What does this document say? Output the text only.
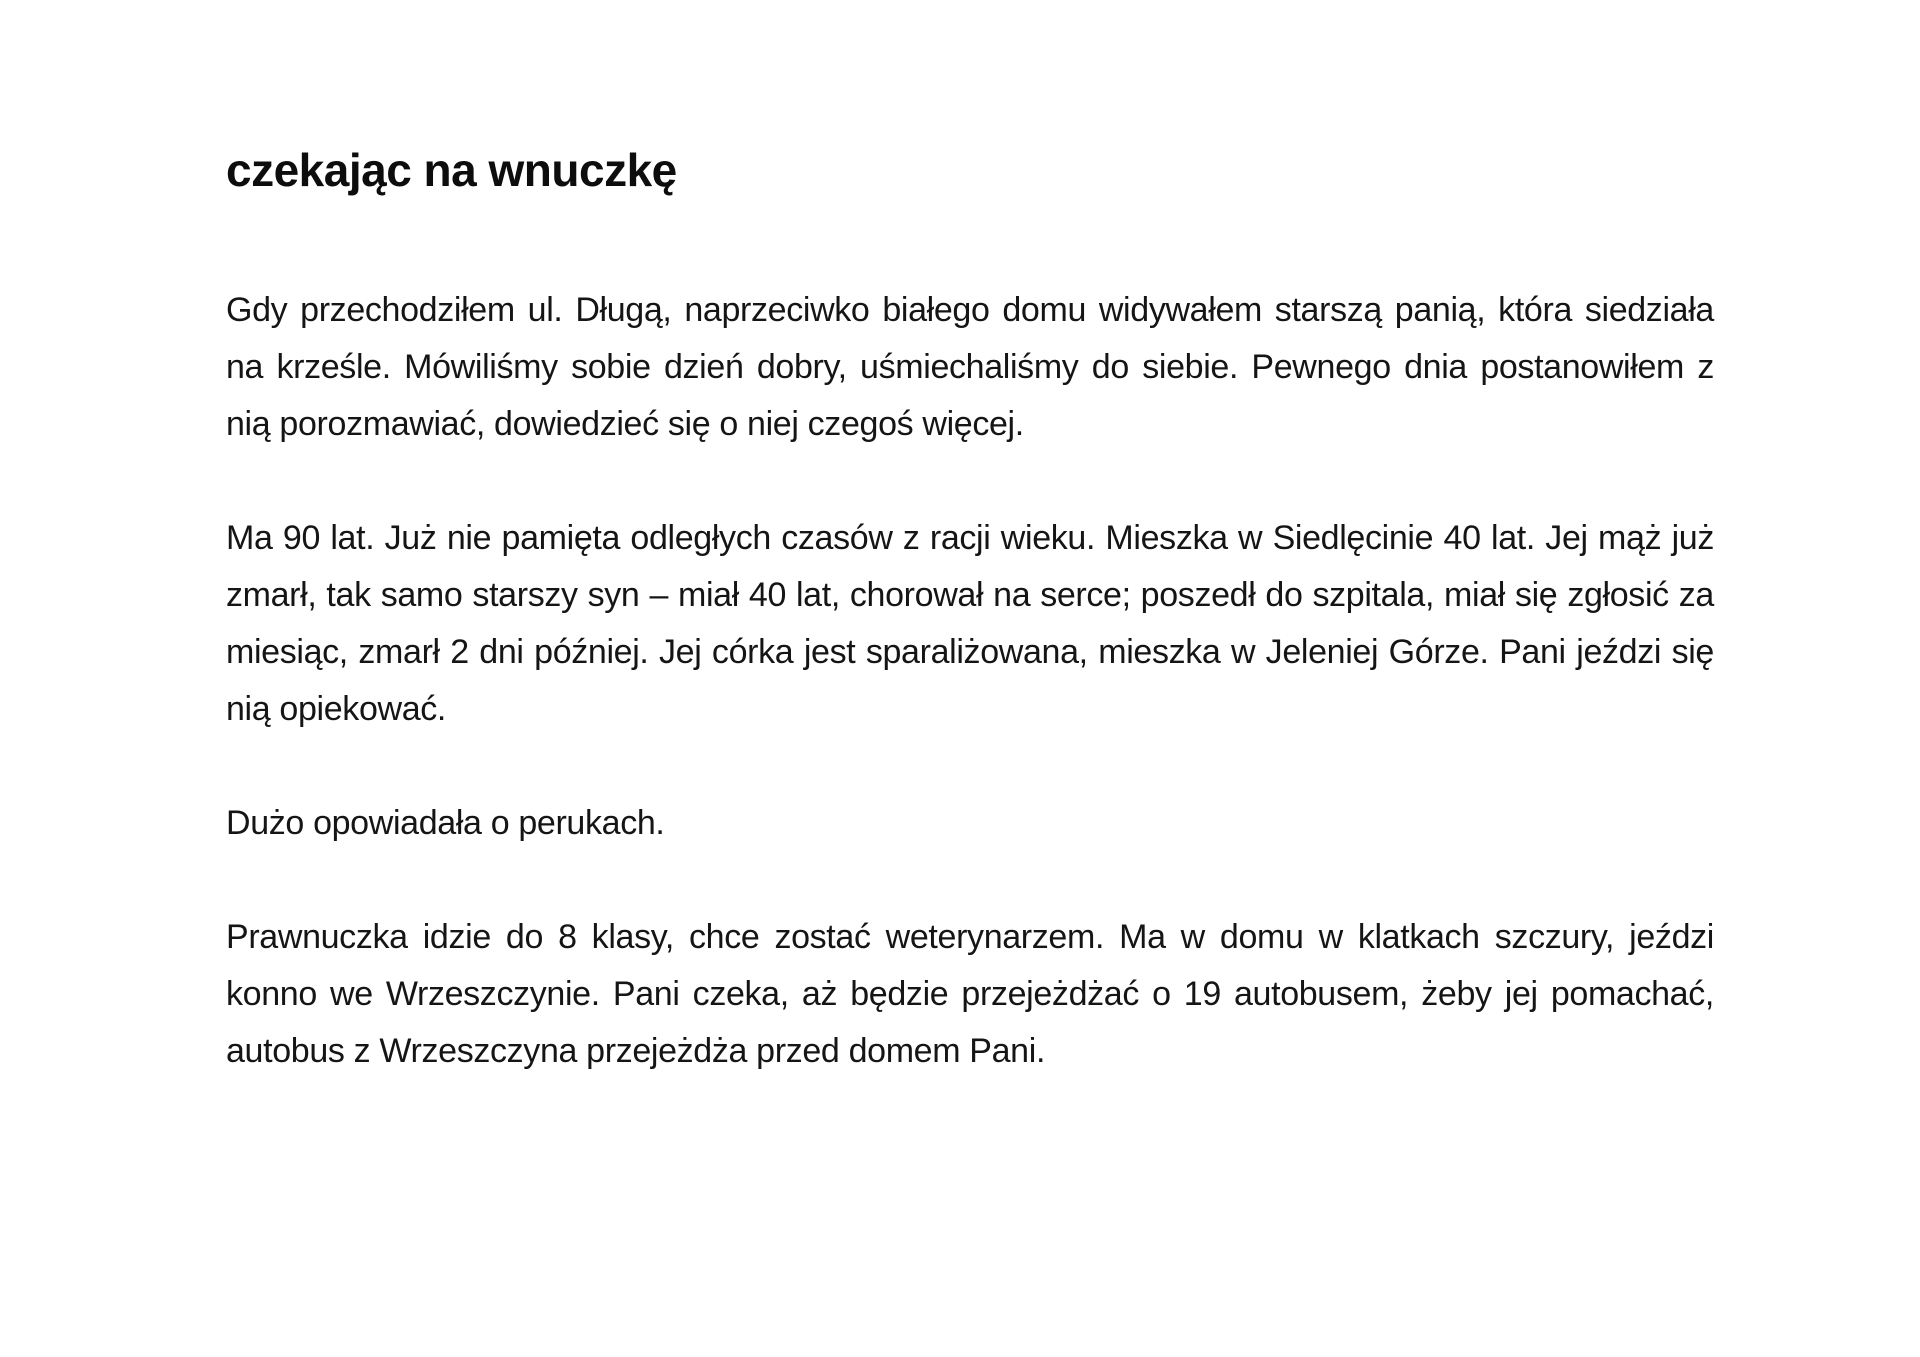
czekając na wnuczkę

Gdy przechodziłem ul. Długą, naprzeciwko białego domu widywałem starszą panią, która siedziała na krześle. Mówiliśmy sobie dzień dobry, uśmiechaliśmy do siebie. Pewnego dnia postanowiłem z nią porozmawiać, dowiedzieć się o niej czegoś więcej.

Ma 90 lat. Już nie pamięta odległych czasów z racji wieku. Mieszka w Siedlęcinie 40 lat. Jej mąż już zmarł, tak samo starszy syn – miał 40 lat, chorował na serce; poszedł do szpitala, miał się zgłosić za miesiąc, zmarł 2 dni później. Jej córka jest sparaliżowana, mieszka w Jeleniej Górze. Pani jeździ się nią opiekować.

Dużo opowiadała o perukach.

Prawnuczka idzie do 8 klasy, chce zostać weterynarzem. Ma w domu w klatkach szczury, jeździ konno we Wrzeszczynie. Pani czeka, aż będzie przejeżdżać o 19 autobusem, żeby jej pomachać, autobus z Wrzeszczyna przejeżdża przed domem Pani.
